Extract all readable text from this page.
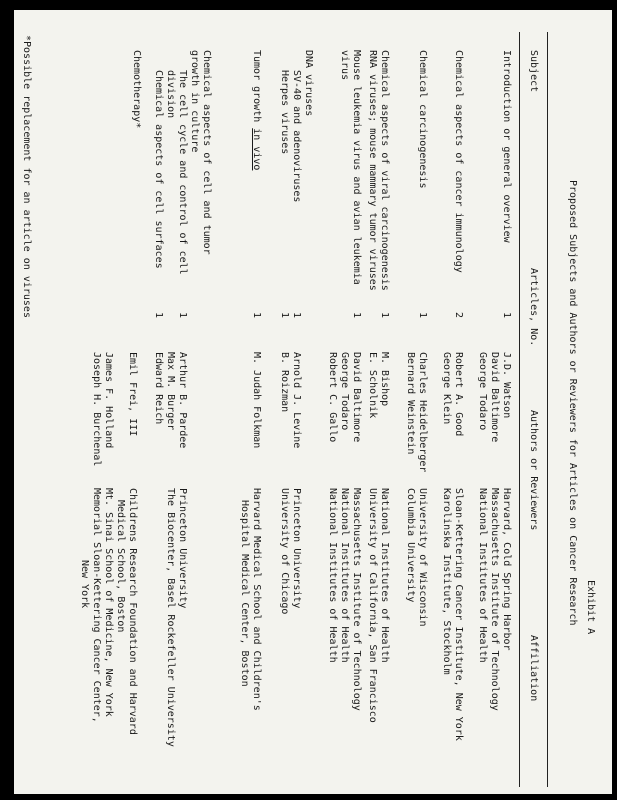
Exhibit A
Proposed Subjects and Authors or Reviewers for Articles on Cancer Research
Subject
Articles, No.
Authors or Reviewers
Affiliation
Introduction or general overview
1
J.D. Watson
David Baltimore
George Todaro
Harvard, Cold Spring Harbor
Massachusetts Institute of Technology
National Institutes of Health
Chemical aspects of cancer immunology
2
Robert A. Good
George Klein
Sloan-Kettering Cancer Institute, New York
Karolinska Institute, Stockholm
Chemical carcinogenesis
1
Charles Heidelberger
Bernard Weinstein
University of Wisconsin
Columbia University
Chemical aspects of viral carcinogenesis
1
M. Bishop
National Institutes of Health
RNA viruses; mouse mammary tumor viruses
E. Scholnik
University of California, San Francisco
Mouse leukemia virus and avian leukemia
1
David Baltimore
George Todaro
Robert C. Gallo
Massachusetts Institute of Technology
National Institutes of Health
National Institutes of Health
virus
DNA viruses
SV-40 and adenoviruses
1
Arnold J. Levine
Princeton University
Herpes viruses
1
B. Roizman
University of Chicago
Tumor growth in vivo
1
M. Judah Folkman
Harvard Medical School and Children's
Hospital Medical Center, Boston
Chemical aspects of cell and tumor
growth in culture
The cell cycle and control of cell
1
Arthur B. Pardee
Princeton University
division
Max M. Burger
The Biocenter, Basel Rockefeller University
Chemical aspects of cell surfaces
1
Edward Reich
Chemotherapy*
Emil Frei, III
Childrens Research Foundation and Harvard
Medical School, Boston
James F. Holland
Mt. Sinai School of Medicine, New York
Joseph H. Burchenal
Memorial Sloan-Kettering Cancer Center,
New York
*Possible replacement for an article on viruses
